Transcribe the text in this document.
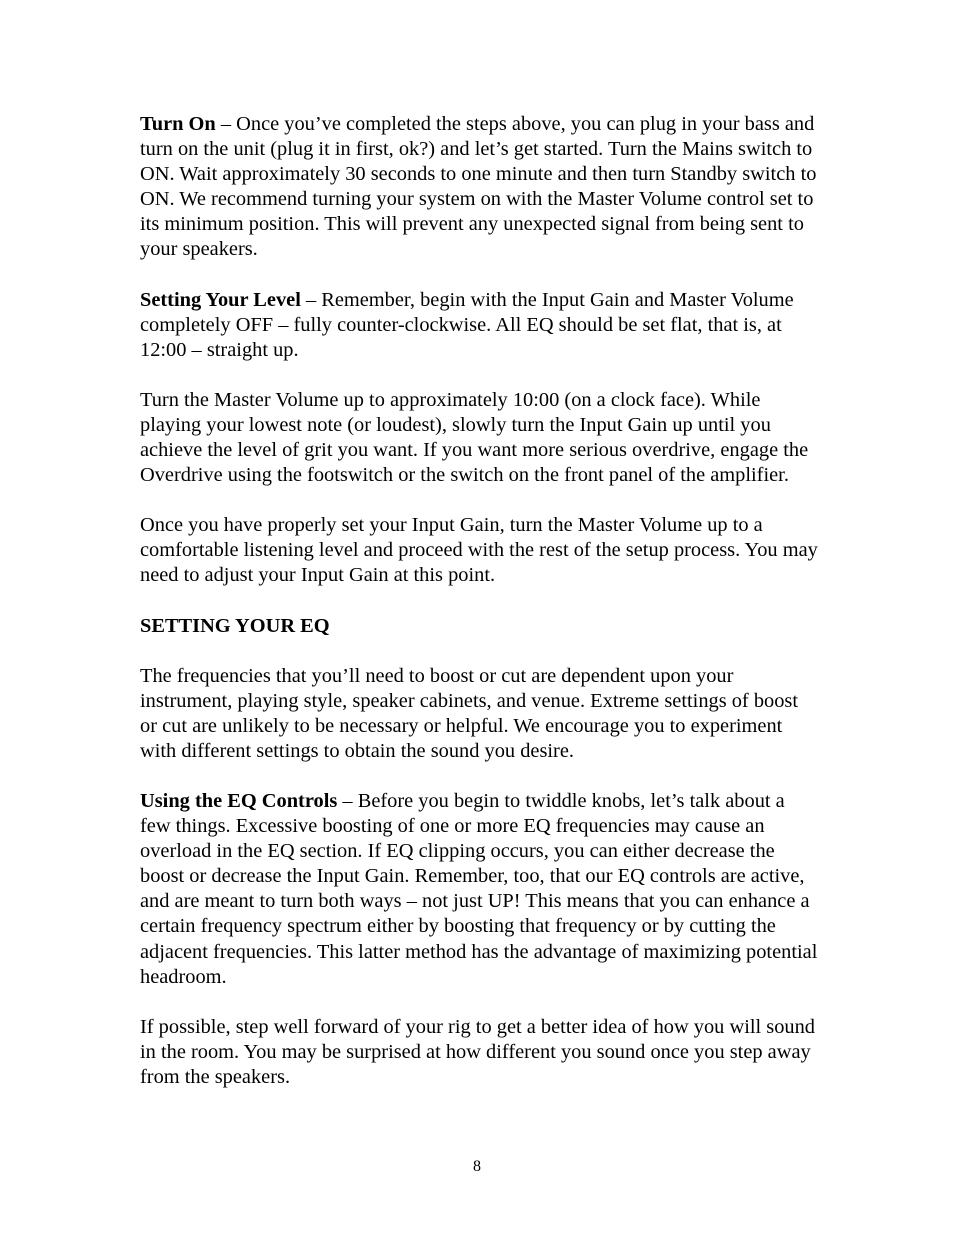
Turn On – Once you’ve completed the steps above, you can plug in your bass and turn on the unit (plug it in first, ok?) and let’s get started. Turn the Mains switch to ON. Wait approximately 30 seconds to one minute and then turn Standby switch to ON. We recommend turning your system on with the Master Volume control set to its minimum position. This will prevent any unexpected signal from being sent to your speakers.

Setting Your Level – Remember, begin with the Input Gain and Master Volume completely OFF – fully counter-clockwise. All EQ should be set flat, that is, at 12:00 – straight up.

Turn the Master Volume up to approximately 10:00 (on a clock face). While playing your lowest note (or loudest), slowly turn the Input Gain up until you achieve the level of grit you want. If you want more serious overdrive, engage the Overdrive using the footswitch or the switch on the front panel of the amplifier.

Once you have properly set your Input Gain, turn the Master Volume up to a comfortable listening level and proceed with the rest of the setup process. You may need to adjust your Input Gain at this point.

SETTING YOUR EQ

The frequencies that you’ll need to boost or cut are dependent upon your instrument, playing style, speaker cabinets, and venue. Extreme settings of boost or cut are unlikely to be necessary or helpful. We encourage you to experiment with different settings to obtain the sound you desire.

Using the EQ Controls – Before you begin to twiddle knobs, let’s talk about a few things. Excessive boosting of one or more EQ frequencies may cause an overload in the EQ section. If EQ clipping occurs, you can either decrease the boost or decrease the Input Gain. Remember, too, that our EQ controls are active, and are meant to turn both ways – not just UP! This means that you can enhance a certain frequency spectrum either by boosting that frequency or by cutting the adjacent frequencies. This latter method has the advantage of maximizing potential headroom.

If possible, step well forward of your rig to get a better idea of how you will sound in the room. You may be surprised at how different you sound once you step away from the speakers.

8
